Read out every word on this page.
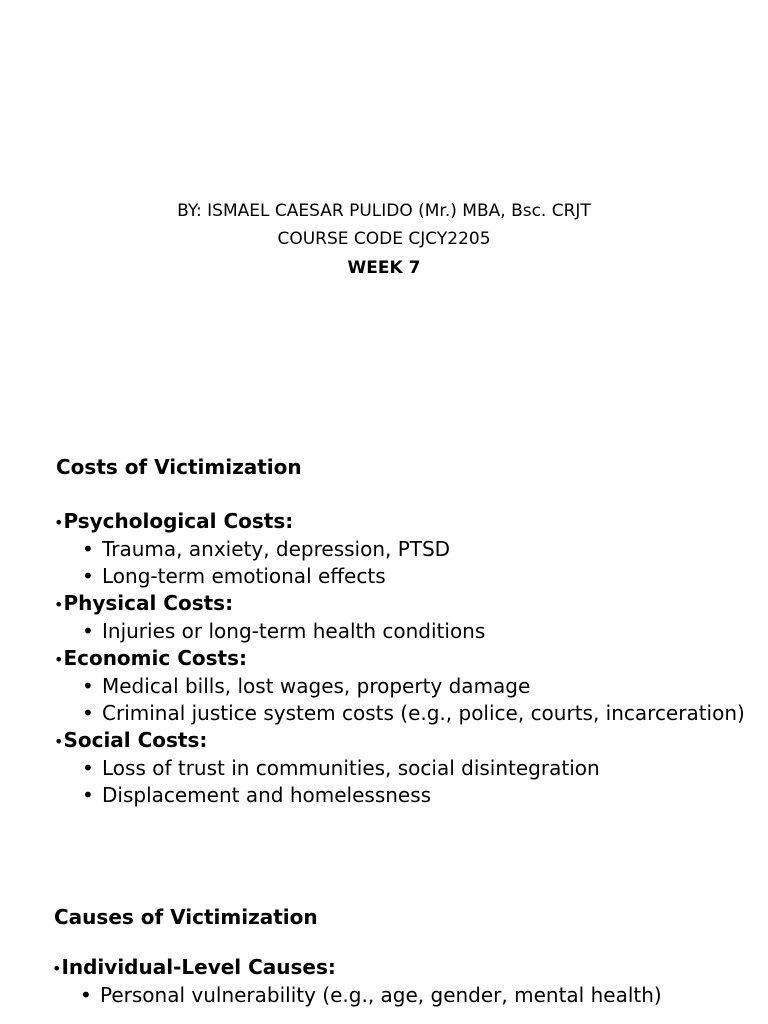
BY: ISMAEL CAESAR PULIDO (Mr.) MBA, Bsc. CRJT
COURSE CODE CJCY2205
WEEK 7
Costs of Victimization
•Psychological Costs:
• Trauma, anxiety, depression, PTSD
• Long-term emotional effects
•Physical Costs:
• Injuries or long-term health conditions
•Economic Costs:
• Medical bills, lost wages, property damage
• Criminal justice system costs (e.g., police, courts, incarceration)
•Social Costs:
• Loss of trust in communities, social disintegration
• Displacement and homelessness
Causes of Victimization
•Individual-Level Causes:
• Personal vulnerability (e.g., age, gender, mental health)
